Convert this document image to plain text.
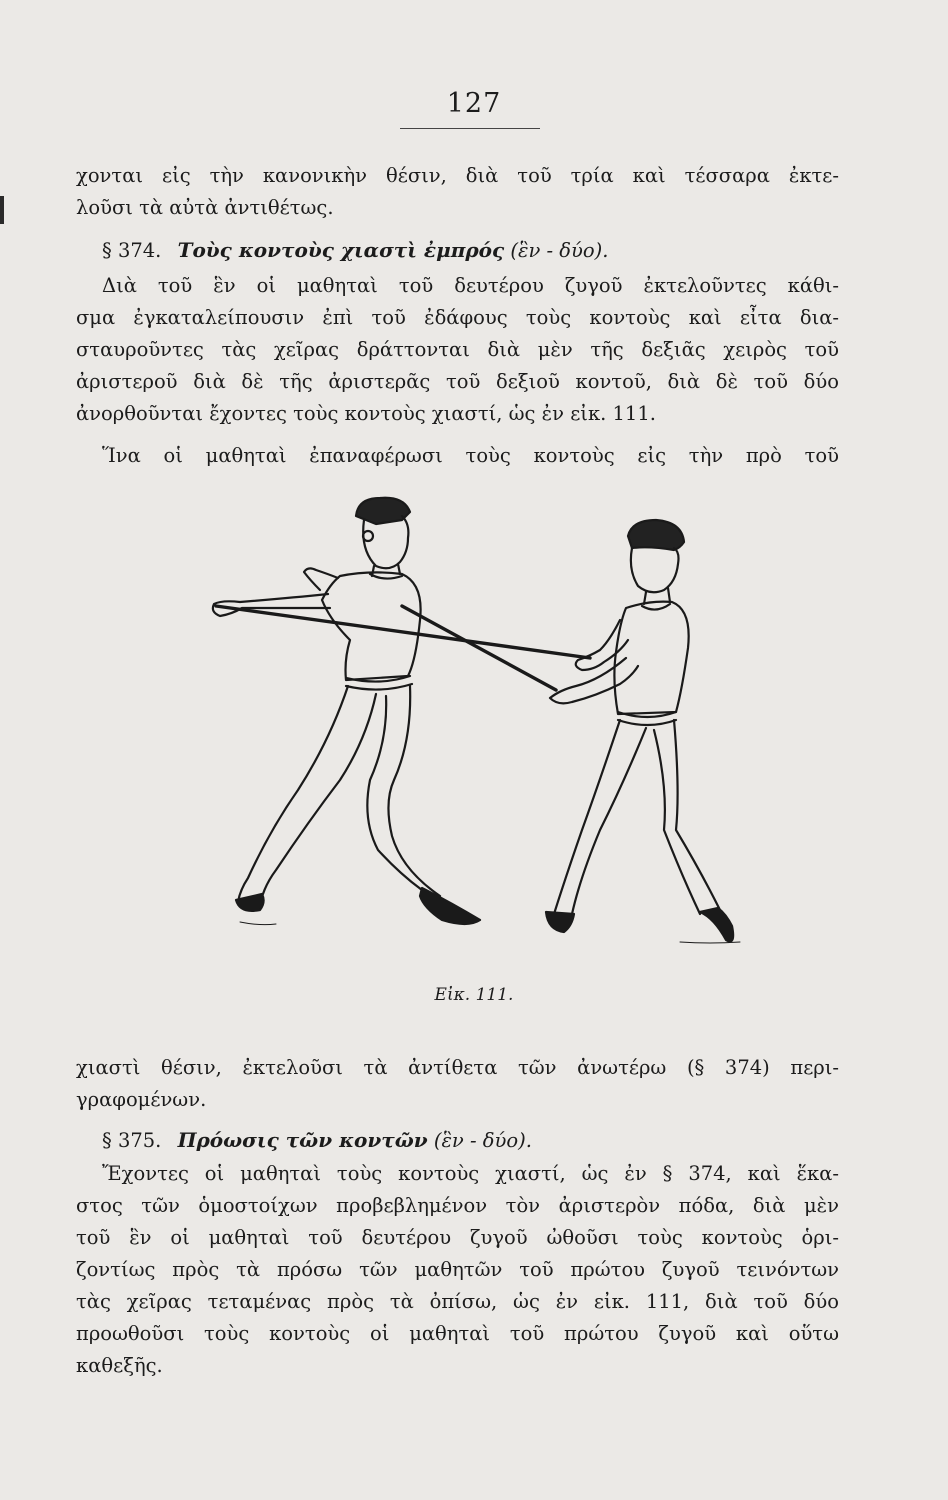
127
χονται εἰς τὴν κανονικὴν θέσιν, διὰ τοῦ τρία καὶ τέσσαρα ἐκτε-
λοῦσι τὰ αὐτὰ ἀντιθέτως.
§ 374. Τοὺς κοντοὺς χιαστὶ ἐμπρός (ἓν - δύο).
Διὰ τοῦ ἓν οἱ μαθηταὶ τοῦ δευτέρου ζυγοῦ ἐκτελοῦντες κάθι-
σμα ἐγκαταλείπουσιν ἐπὶ τοῦ ἐδάφους τοὺς κοντοὺς καὶ εἶτα δια-
σταυροῦντες τὰς χεῖρας δράττονται διὰ μὲν τῆς δεξιᾶς χειρὸς τοῦ
ἀριστεροῦ διὰ δὲ τῆς ἀριστερᾶς τοῦ δεξιοῦ κοντοῦ, διὰ δὲ τοῦ δύο
ἀνορθοῦνται ἔχοντες τοὺς κοντοὺς χιαστί, ὡς ἐν εἰκ. 111.
Ἵνα οἱ μαθηταὶ ἐπαναφέρωσι τοὺς κοντοὺς εἰς τὴν πρὸ τοῦ
Εἰκ. 111.
χιαστὶ θέσιν, ἐκτελοῦσι τὰ ἀντίθετα τῶν ἀνωτέρω (§ 374) περι-
γραφομένων.
§ 375. Πρόωσις τῶν κοντῶν (ἓν - δύο).
Ἔχοντες οἱ μαθηταὶ τοὺς κοντοὺς χιαστί, ὡς ἐν § 374, καὶ ἕκα-
στος τῶν ὁμοστοίχων προβεβλημένον τὸν ἀριστερὸν πόδα, διὰ μὲν
τοῦ ἓν οἱ μαθηταὶ τοῦ δευτέρου ζυγοῦ ὠθοῦσι τοὺς κοντοὺς ὁρι-
ζοντίως πρὸς τὰ πρόσω τῶν μαθητῶν τοῦ πρώτου ζυγοῦ τεινόντων
τὰς χεῖρας τεταμένας πρὸς τὰ ὀπίσω, ὡς ἐν εἰκ. 111, διὰ τοῦ δύο
προωθοῦσι τοὺς κοντοὺς οἱ μαθηταὶ τοῦ πρώτου ζυγοῦ καὶ οὕτω
καθεξῆς.
